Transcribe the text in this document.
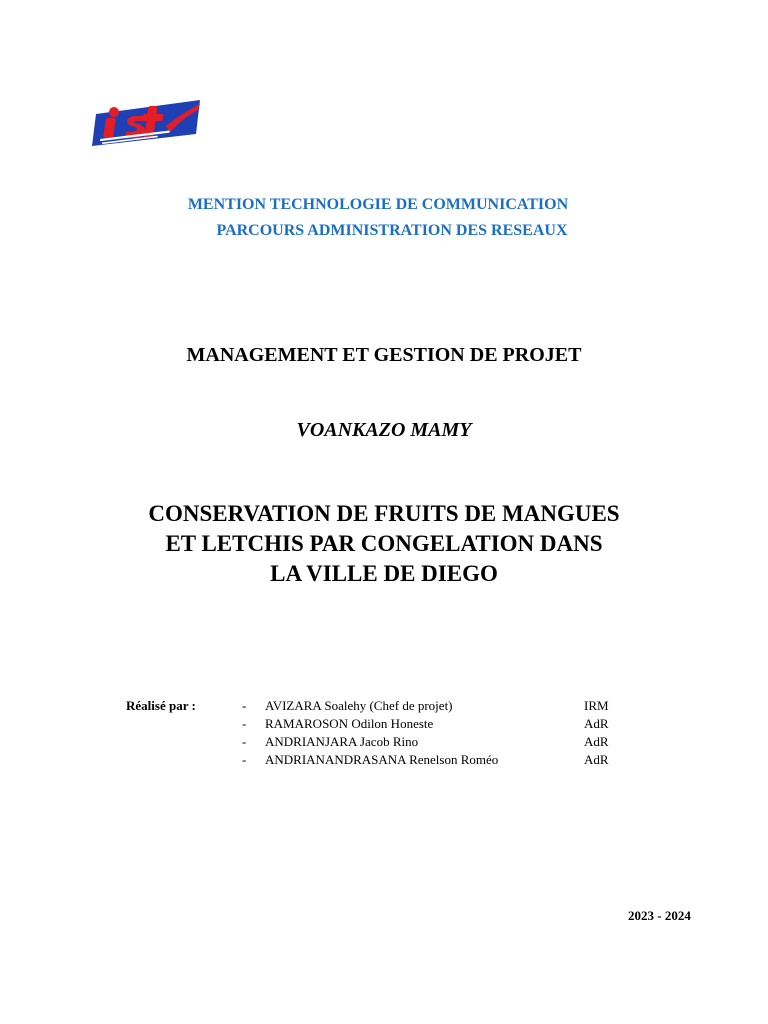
MENTION TECHNOLOGIE DE COMMUNICATION
PARCOURS ADMINISTRATION DES RESEAUX
MANAGEMENT ET GESTION DE PROJET
VOANKAZO MAMY
CONSERVATION DE FRUITS DE MANGUES
ET LETCHIS PAR CONGELATION DANS
LA VILLE DE DIEGO
Réalisé par :	- AVIZARA Soalehy (Chef de projet)	IRM
- RAMAROSON Odilon Honeste	AdR
- ANDRIANJARA Jacob Rino	AdR
- ANDRIANANDRASANA Renelson Roméo	AdR
2023 - 2024
